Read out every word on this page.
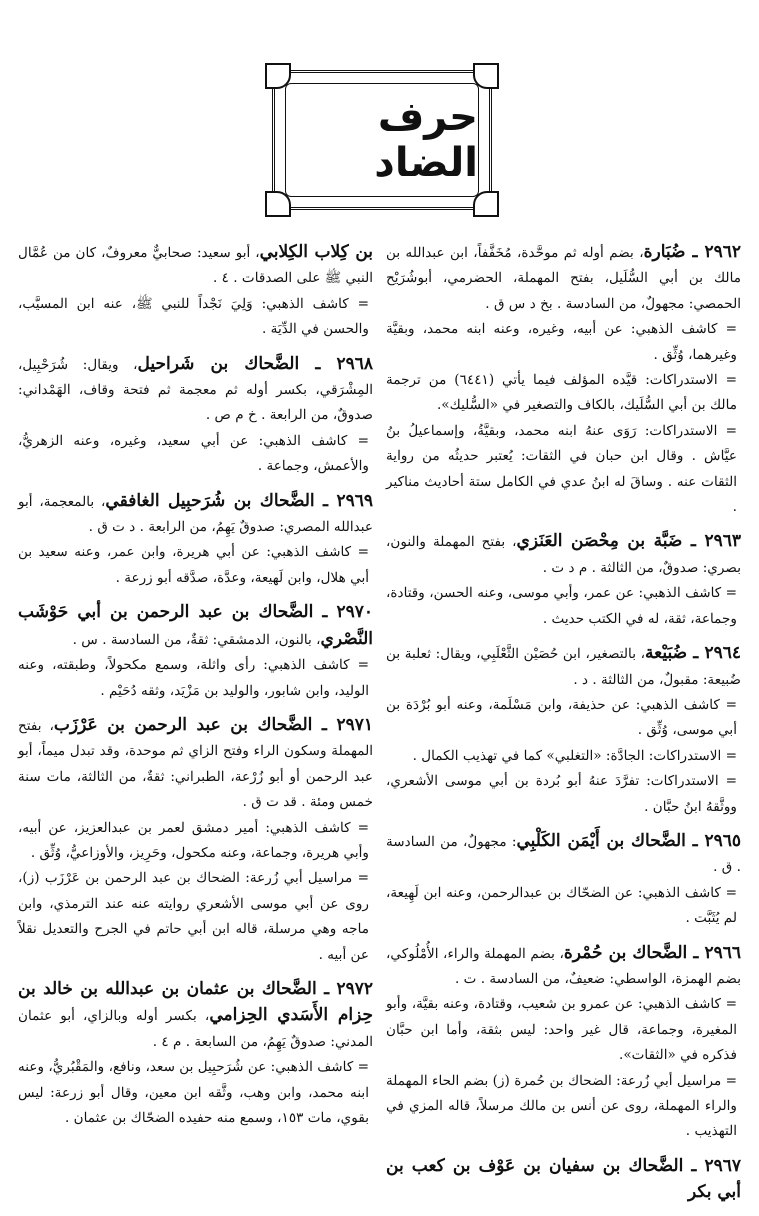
حرف الضاد

٢٩٦٢ ـ ضُبَارة، بضم أوله ثم موحَّدة، مُخَفَّفاً، ابن عبدالله بن مالك بن أبي السُّلَيل، بفتح المهملة، الحضرمي، أبوشُرَيْح الحمصي: مجهولٌ، من السادسة . بخ د س ق .

= كاشف الذهبي: عن أبيه، وغيره، وعنه ابنه محمد، وبقيَّة وغيرهما، وُثِّق .

= الاستدراكات: قيَّده المؤلف فيما يأتي (٦٤٤١) من ترجمة مالك بن أبي السُّلَيك، بالكاف والتصغير في «السُّليك».

= الاستدراكات: رَوَى عنهُ ابنه محمد، وبقيَّةُ، وإسماعيلُ بنُ عيَّاش . وقال ابن حبان في الثقات: يُعتبر حديثُه من رواية الثقات عنه . وساقَ له ابنُ عدي في الكامل ستة أحاديث مناكير .

٢٩٦٣ ـ ضَبَّة بن مِحْصَن العَنَزي، بفتح المهملة والنون، بصري: صدوقٌ، من الثالثة . م د ت .

= كاشف الذهبي: عن عمر، وأبي موسى، وعنه الحسن، وقتادة، وجماعة، ثقة، له في الكتب حديث .

٢٩٦٤ ـ ضُبَيْعة، بالتصغير، ابن حُصَيْن الثَّعْلَبِي، ويقال: ثعلبة بن ضُبيعة: مقبولٌ، من الثالثة . د .

= كاشف الذهبي: عن حذيفة، وابن مَسْلَمة، وعنه أبو بُرْدَة بن أبي موسى، وُثِّق .

= الاستدراكات: الجادَّة: «التغلبي» كما في تهذيب الكمال .

= الاستدراكات: تفرَّدَ عنهُ أبو بُردة بن أبي موسى الأشعري، ووثَّقهُ ابنُ حبَّان .

٢٩٦٥ ـ الضَّحاك بن أَيْمَن الكَلْبِي: مجهولٌ، من السادسة . ق .

= كاشف الذهبي: عن الضحّاك بن عبدالرحمن، وعنه ابن لَهِيعة، لم يُثَبَّت .

٢٩٦٦ ـ الضَّحاك بن حُمْرة، بضم المهملة والراء، الأُمْلُوكي، بضم الهمزة، الواسطي: ضعيفٌ، من السادسة . ت .

= كاشف الذهبي: عن عمرو بن شعيب، وقتادة، وعنه بقيَّة، وأبو المغيرة، وجماعة، قال غير واحد: ليس بثقة، وأما ابن حبَّان فذكره في «الثقات».

= مراسيل أبي زُرعة: الضحاك بن حُمرة (ز) بضم الحاء المهملة والراء المهملة، روى عن أنس بن مالك مرسلاً، قاله المزي في التهذيب .

٢٩٦٧ ـ الضَّحاك بن سفيان بن عَوْف بن كعب بن أبي بكر

بن كِلاب الكِلابي، أبو سعيد: صحابيٌّ معروفٌ، كان من عُمَّال النبي ﷺ على الصدقات . ٤ .

= كاشف الذهبي: وَلِيَ نَجْداً للنبي ﷺ، عنه ابن المسيَّب، والحسن في الدِّيَة .

٢٩٦٨ ـ الضَّحاك بن شَراحيل، ويقال: شُرَحْبِيل، المِشْرَقي، بكسر أوله ثم معجمة ثم فتحة وقاف، الهَمْداني: صدوقٌ، من الرابعة . خ م ص .

= كاشف الذهبي: عن أبي سعيد، وغيره، وعنه الزهريُّ، والأعمش، وجماعة .

٢٩٦٩ ـ الضَّحاك بن شُرَحبِيل الغافقي، بالمعجمة، أبو عبدالله المصري: صدوقٌ يَهِمُ، من الرابعة . د ت ق .

= كاشف الذهبي: عن أبي هريرة، وابن عمر، وعنه سعيد بن أبي هلال، وابن لَهيعة، وعدَّة، صدَّقه أبو زرعة .

٢٩٧٠ ـ الضَّحاك بن عبد الرحمن بن أبي حَوْشَب النَّصْري، بالنون، الدمشقي: ثقةٌ، من السادسة . س .

= كاشف الذهبي: رأى واثلة، وسمع مكحولاً، وطبقته، وعنه الوليد، وابن شابور، والوليد بن مَزْيَد، وثقه دُحَيْم .

٢٩٧١ ـ الضَّحاك بن عبد الرحمن بن عَرْزَب، بفتح المهملة وسكون الراء وفتح الزاي ثم موحدة، وقد تبدل ميماً، أبو عبد الرحمن أو أبو زُرْعة، الطبراني: ثقةٌ، من الثالثة، مات سنة خمس ومئة . قد ت ق .

= كاشف الذهبي: أمير دمشق لعمر بن عبدالعزيز، عن أبيه، وأبي هريرة، وجماعة، وعنه مكحول، وحَرِيز، والأوزاعيُّ، وُثِّق .

= مراسيل أبي زُرعة: الضحاك بن عبد الرحمن بن عَرْزَب (ز)، روى عن أبي موسى الأشعري روايته عنه عند الترمذي، وابن ماجه وهي مرسلة، قاله ابن أبي حاتم في الجرح والتعديل نقلاً عن أبيه .

٢٩٧٢ ـ الضَّحاك بن عثمان بن عبدالله بن خالد بن حِزام الأَسَدي الحِزامي، بكسر أوله وبالزاي، أبو عثمان المدني: صدوقٌ يَهِمُ، من السابعة . م ٤ .

= كاشف الذهبي: عن شُرَحبِيل بن سعد، ونافع، والمَقْبُريُّ، وعنه ابنه محمد، وابن وهب، وثَّقه ابن معين، وقال أبو زرعة: ليس بقوي، مات ١٥٣، وسمع منه حفيده الضحّاك بن عثمان .
